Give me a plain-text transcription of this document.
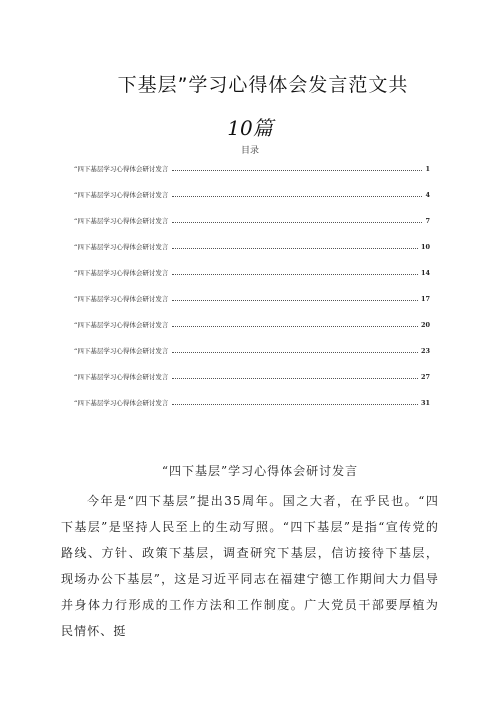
下基层”学习心得体会发言范文共
10篇
目录
“四下基层学习心得体会研讨发言	1
“四下基层学习心得体会研讨发言	4
“四下基层学习心得体会研讨发言	7
“四下基层学习心得体会研讨发言	10
“四下基层学习心得体会研讨发言	14
“四下基层学习心得体会研讨发言	17
“四下基层学习心得体会研讨发言	20
“四下基层学习心得体会研讨发言	23
“四下基层学习心得体会研讨发言	27
“四下基层学习心得体会研讨发言	31
“四下基层”学习心得体会研讨发言
今年是“四下基层”提出35周年。国之大者，在乎民也。“四下基层”是坚持人民至上的生动写照。“四下基层”是指“宣传党的路线、方针、政策下基层，调查研究下基层，信访接待下基层，现场办公下基层”，这是习近平同志在福建宁德工作期间大力倡导并身体力行形成的工作方法和工作制度。广大党员干部要厚植为民情怀、挺
